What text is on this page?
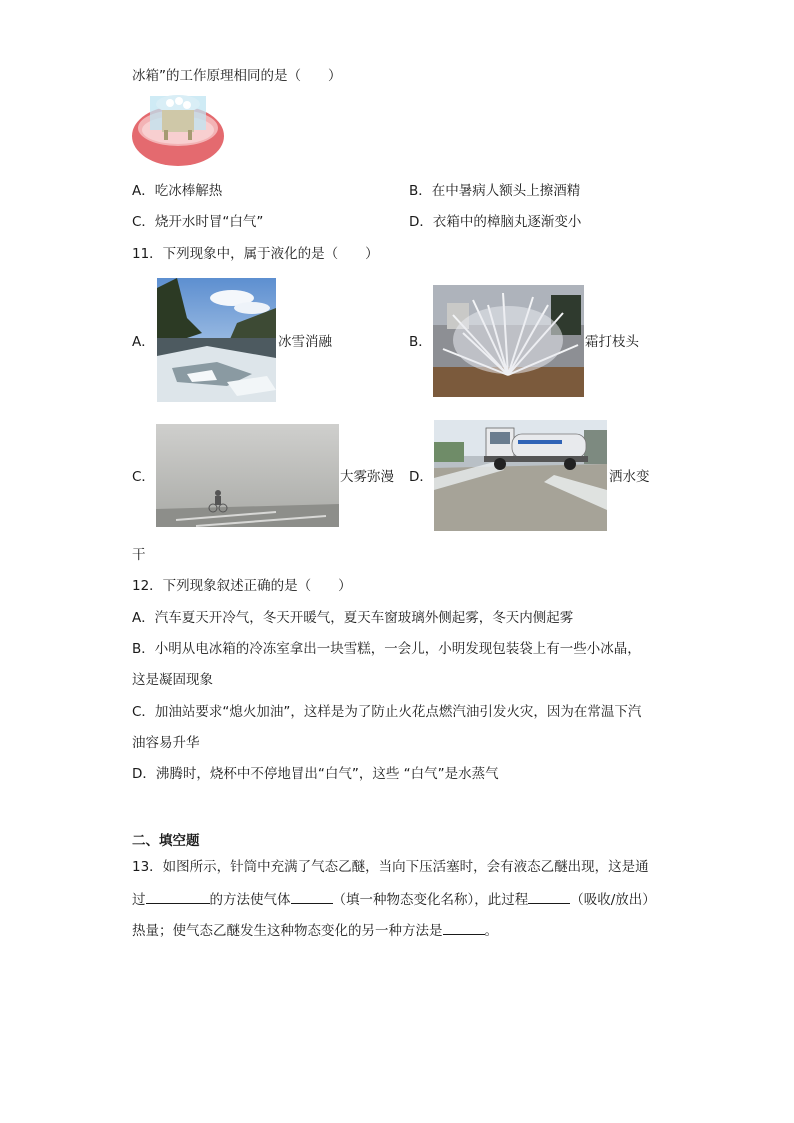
冰箱”的工作原理相同的是（　　）
A．吃冰棒解热	B．在中暑病人额头上擦酒精
C．烧开水时冒“白气”	D．衣箱中的樟脑丸逐渐变小
11．下列现象中，属于液化的是（　　）
A．	冰雪消融	B．	霜打枝头
C．	大雾弥漫 D．	洒水变
干
12．下列现象叙述正确的是（　　）
A．汽车夏天开冷气，冬天开暖气，夏天车窗玻璃外侧起雾，冬天内侧起雾
B．小明从电冰箱的冷冻室拿出一块雪糕，一会儿，小明发现包装袋上有一些小冰晶，
这是凝固现象
C．加油站要求“熄火加油”，这样是为了防止火花点燃汽油引发火灾，因为在常温下汽
油容易升华
D．沸腾时，烧杯中不停地冒出“白气”，这些 “白气”是水蒸气
二、填空题
13．如图所示，针筒中充满了气态乙醚，当向下压活塞时，会有液态乙醚出现，这是通
过	的方法使气体	（填一种物态变化名称），此过程	（吸收/放出）
热量；使气态乙醚发生这种物态变化的另一种方法是	。
